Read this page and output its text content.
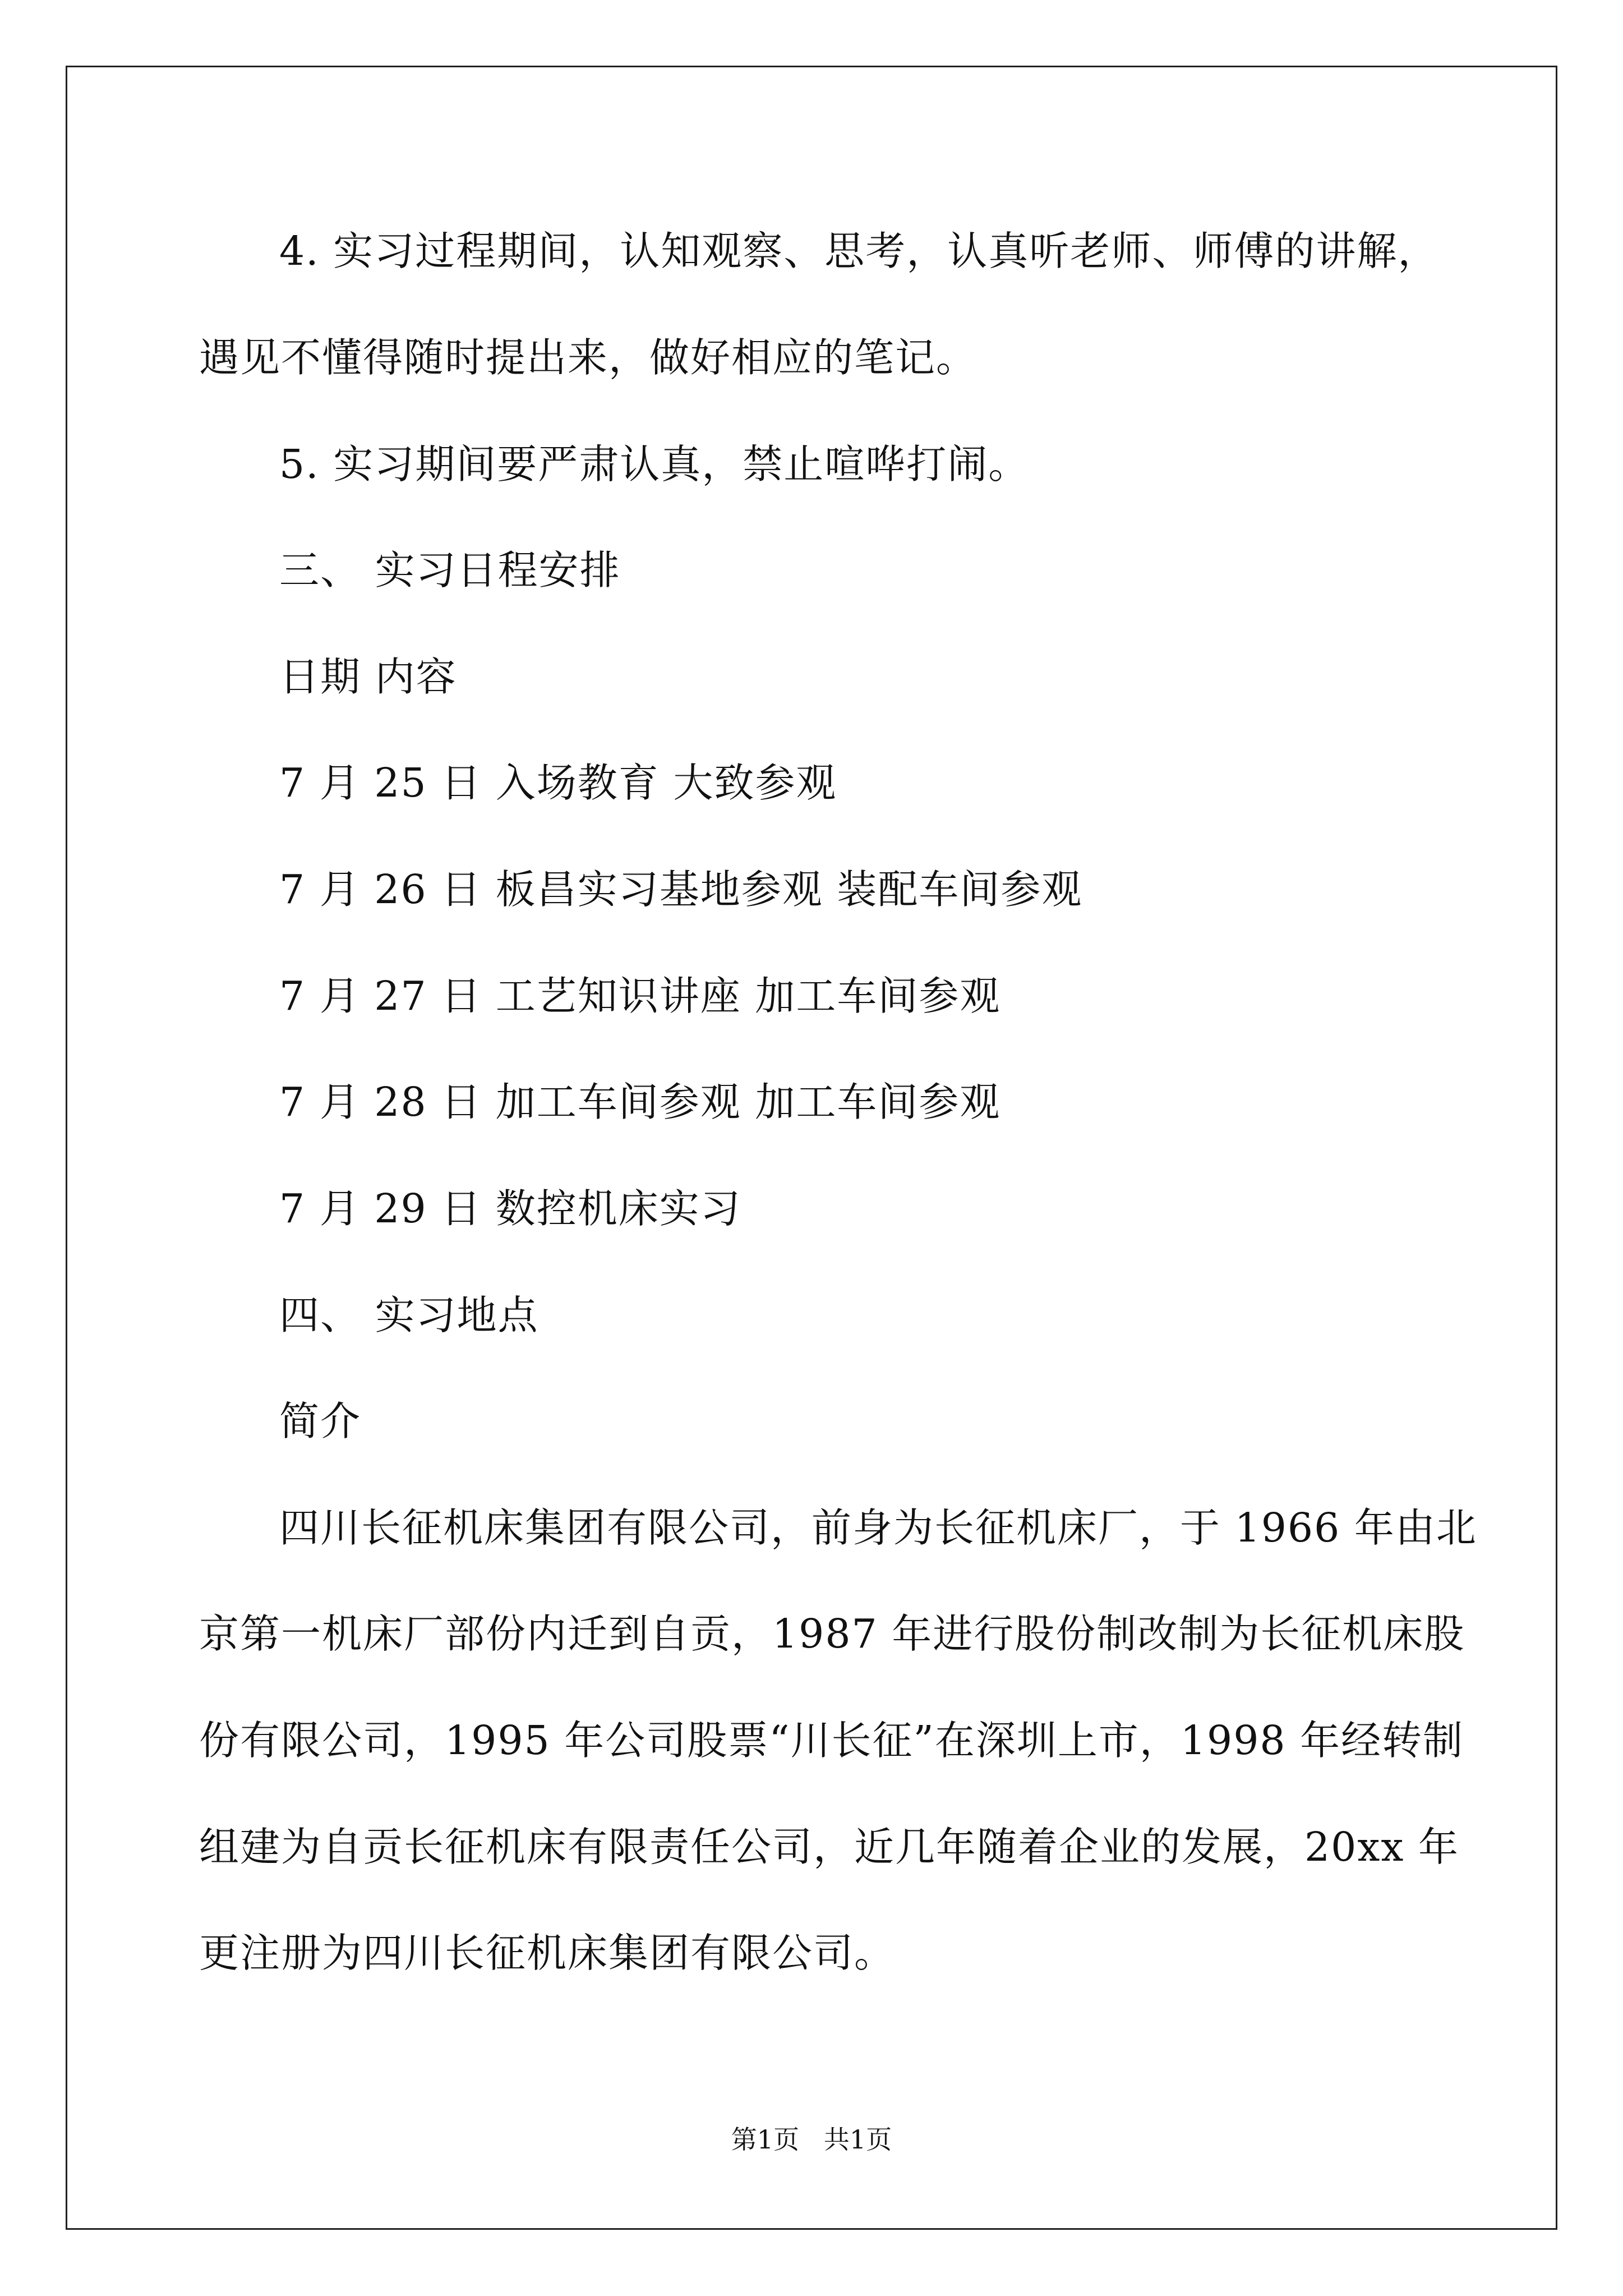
4. 实习过程期间，认知观察、思考，认真听老师、师傅的讲解，
遇见不懂得随时提出来，做好相应的笔记。
5. 实习期间要严肃认真，禁止喧哗打闹。
三、 实习日程安排
日期 内容
7 月 25 日 入场教育 大致参观
7 月 26 日 板昌实习基地参观 装配车间参观
7 月 27 日 工艺知识讲座 加工车间参观
7 月 28 日 加工车间参观 加工车间参观
7 月 29 日 数控机床实习
四、 实习地点
简介
四川长征机床集团有限公司，前身为长征机床厂，于 1966 年由北
京第一机床厂部份内迁到自贡，1987 年进行股份制改制为长征机床股
份有限公司，1995 年公司股票“川长征”在深圳上市，1998 年经转制
组建为自贡长征机床有限责任公司，近几年随着企业的发展，20xx 年
更注册为四川长征机床集团有限公司。
第1页   共1页
